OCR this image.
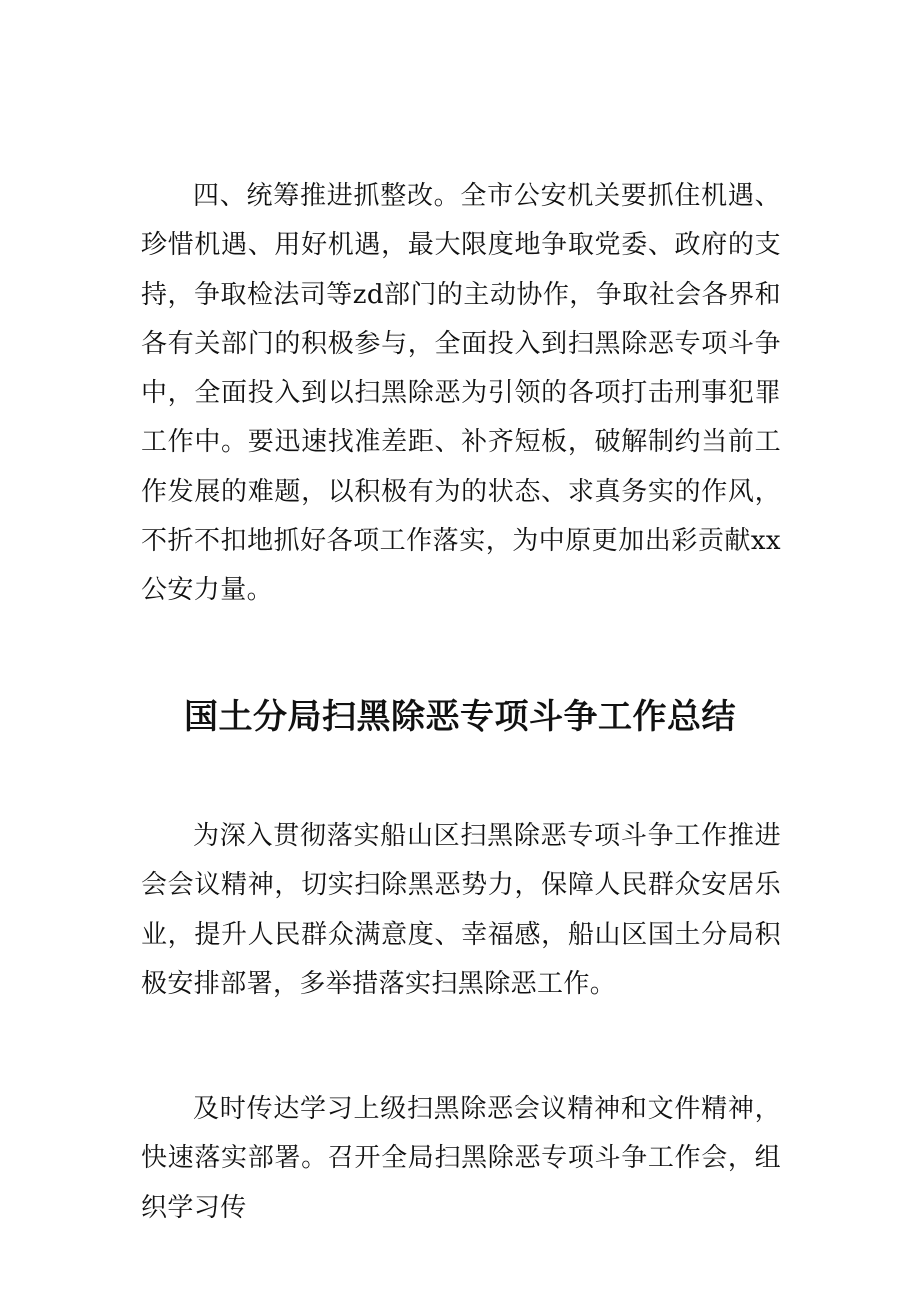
四、统筹推进抓整改。全市公安机关要抓住机遇、珍惜机遇、用好机遇，最大限度地争取党委、政府的支持，争取检法司等zd部门的主动协作，争取社会各界和各有关部门的积极参与，全面投入到扫黑除恶专项斗争中，全面投入到以扫黑除恶为引领的各项打击刑事犯罪工作中。要迅速找准差距、补齐短板，破解制约当前工作发展的难题，以积极有为的状态、求真务实的作风，不折不扣地抓好各项工作落实，为中原更加出彩贡献xx公安力量。

国土分局扫黑除恶专项斗争工作总结

为深入贯彻落实船山区扫黑除恶专项斗争工作推进会会议精神，切实扫除黑恶势力，保障人民群众安居乐业，提升人民群众满意度、幸福感，船山区国土分局积极安排部署，多举措落实扫黑除恶工作。

及时传达学习上级扫黑除恶会议精神和文件精神，快速落实部署。召开全局扫黑除恶专项斗争工作会，组织学习传
